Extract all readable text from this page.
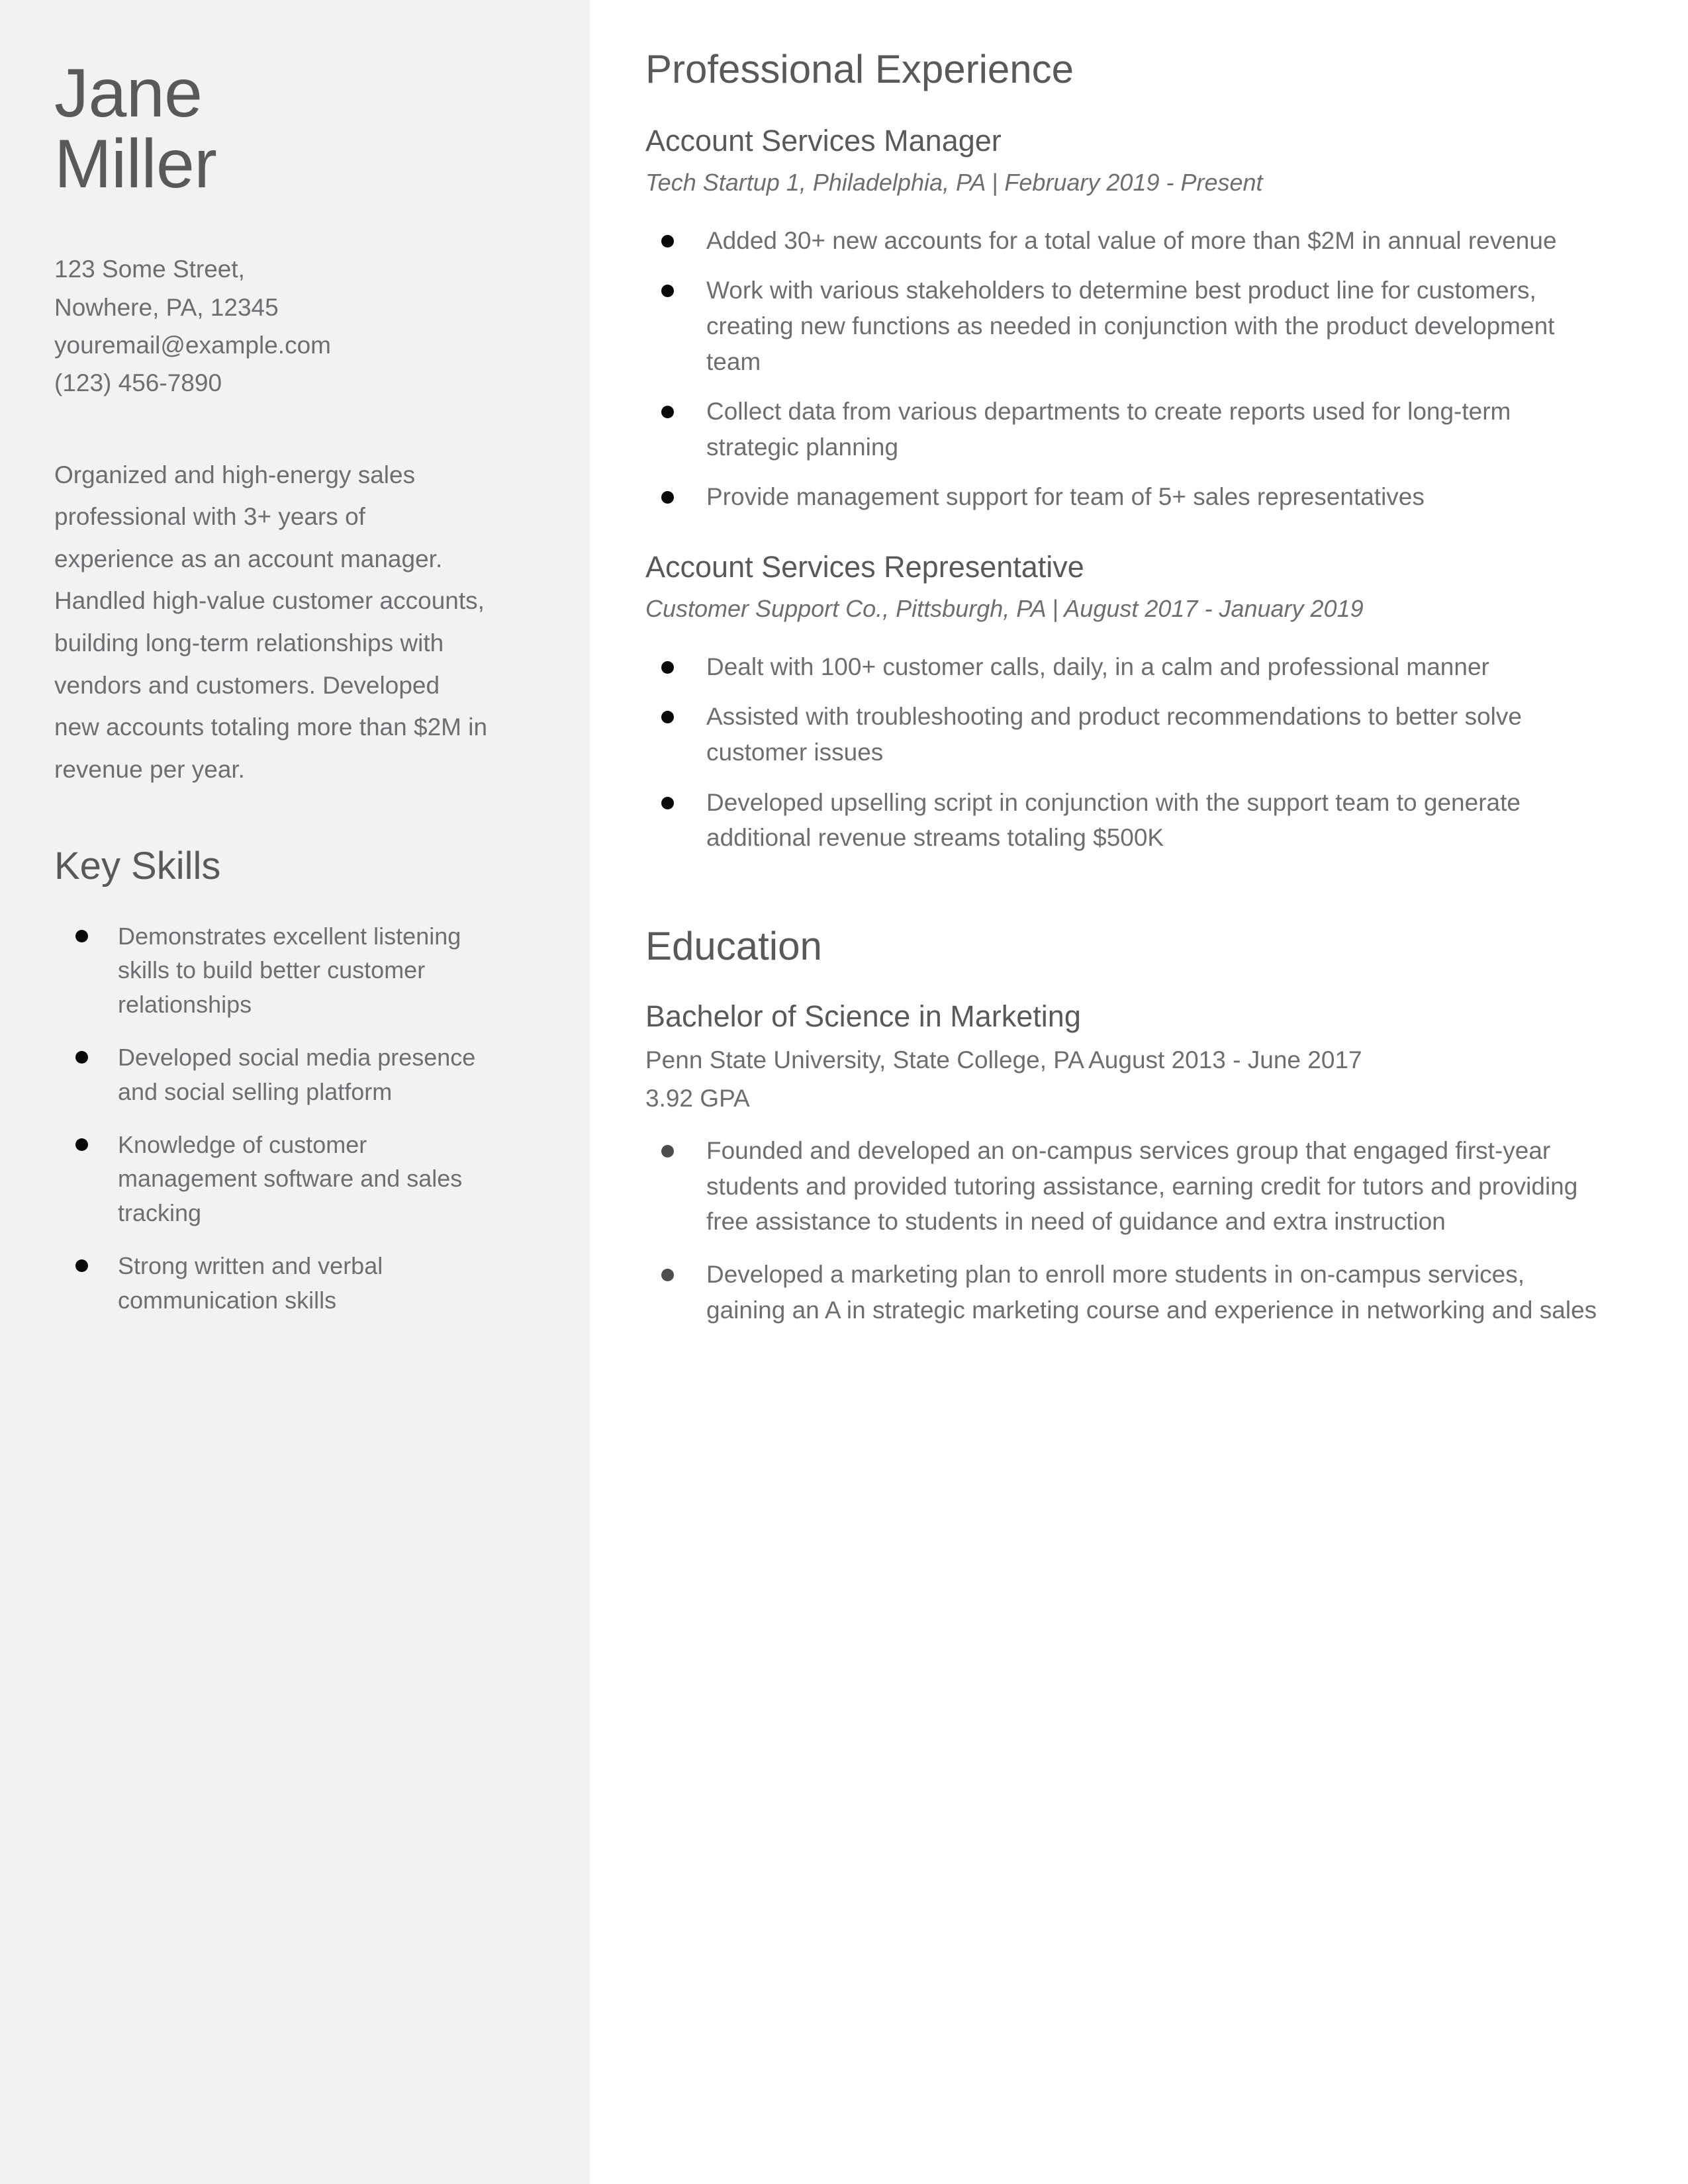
Jane
Miller
123 Some Street,
Nowhere, PA, 12345
youremail@example.com
(123) 456-7890
Organized and high-energy sales professional with 3+ years of experience as an account manager. Handled high-value customer accounts, building long-term relationships with vendors and customers. Developed new accounts totaling more than $2M in revenue per year.
Key Skills
Demonstrates excellent listening skills to build better customer relationships
Developed social media presence and social selling platform
Knowledge of customer management software and sales tracking
Strong written and verbal communication skills
Professional Experience
Account Services Manager
Tech Startup 1, Philadelphia, PA | February 2019 - Present
Added 30+ new accounts for a total value of more than $2M in annual revenue
Work with various stakeholders to determine best product line for customers, creating new functions as needed in conjunction with the product development team
Collect data from various departments to create reports used for long-term strategic planning
Provide management support for team of 5+ sales representatives
Account Services Representative
Customer Support Co., Pittsburgh, PA | August 2017 - January 2019
Dealt with 100+ customer calls, daily, in a calm and professional manner
Assisted with troubleshooting and product recommendations to better solve customer issues
Developed upselling script in conjunction with the support team to generate additional revenue streams totaling $500K
Education
Bachelor of Science in Marketing
Penn State University, State College, PA August 2013 - June 2017
3.92 GPA
Founded and developed an on-campus services group that engaged first-year students and provided tutoring assistance, earning credit for tutors and providing free assistance to students in need of guidance and extra instruction
Developed a marketing plan to enroll more students in on-campus services, gaining an A in strategic marketing course and experience in networking and sales
